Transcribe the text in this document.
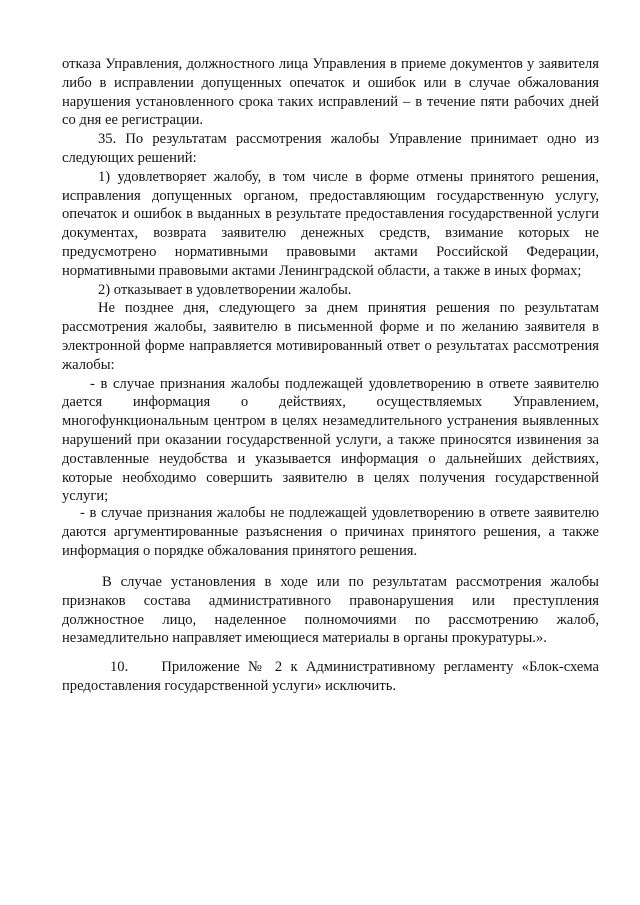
отказа Управления, должностного лица Управления в приеме документов у заявителя либо в исправлении допущенных опечаток и ошибок или в случае обжалования нарушения установленного срока таких исправлений – в течение пяти рабочих дней со дня ее регистрации.

35. По результатам рассмотрения жалобы Управление принимает одно из следующих решений:

1) удовлетворяет жалобу, в том числе в форме отмены принятого решения, исправления допущенных органом, предоставляющим государственную услугу, опечаток и ошибок в выданных в результате предоставления государственной услуги документах, возврата заявителю денежных средств, взимание которых не предусмотрено нормативными правовыми актами Российской Федерации, нормативными правовыми актами Ленинградской области, а также в иных формах;

2) отказывает в удовлетворении жалобы.

Не позднее дня, следующего за днем принятия решения по результатам рассмотрения жалобы, заявителю в письменной форме и по желанию заявителя в электронной форме направляется мотивированный ответ о результатах рассмотрения жалобы:

- в случае признания жалобы подлежащей удовлетворению в ответе заявителю дается информация о действиях, осуществляемых Управлением, многофункциональным центром в целях незамедлительного устранения выявленных нарушений при оказании государственной услуги, а также приносятся извинения за доставленные неудобства и указывается информация о дальнейших действиях, которые необходимо совершить заявителю в целях получения государственной услуги;

- в случае признания жалобы не подлежащей удовлетворению в ответе заявителю даются аргументированные разъяснения о причинах принятого решения, а также информация о порядке обжалования принятого решения.

В случае установления в ходе или по результатам рассмотрения жалобы признаков состава административного правонарушения или преступления должностное лицо, наделенное полномочиями по рассмотрению жалоб, незамедлительно направляет имеющиеся материалы в органы прокуратуры.».

10.    Приложение № 2 к Административному регламенту «Блок-схема предоставления государственной услуги» исключить.
